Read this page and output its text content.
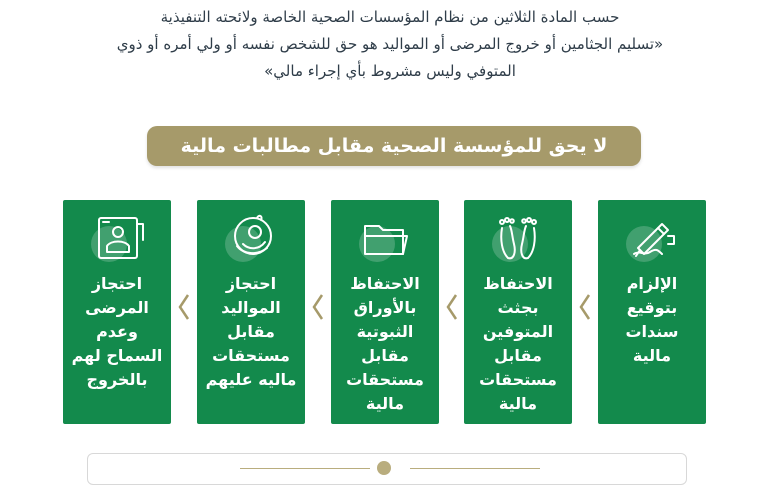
حسب المادة الثلاثين من نظام المؤسسات الصحية الخاصة ولائحته التنفيذية
«تسليم الجثامين أو خروج المرضى أو المواليد هو حق للشخص نفسه أو ولي أمره أو ذوي
المتوفي وليس مشروط بأي إجراء مالي»
لا يحق للمؤسسة الصحية مقابل مطالبات مالية
الإلزام بتوقيع سندات مالية
الاحتفاظ بجثث المتوفين مقابل مستحقات مالية
الاحتفاظ بالأوراق الثبوتية مقابل مستحقات مالية
احتجاز المواليد مقابل مستحقات ماليه عليهم
احتجاز المرضى وعدم السماح لهم بالخروج
